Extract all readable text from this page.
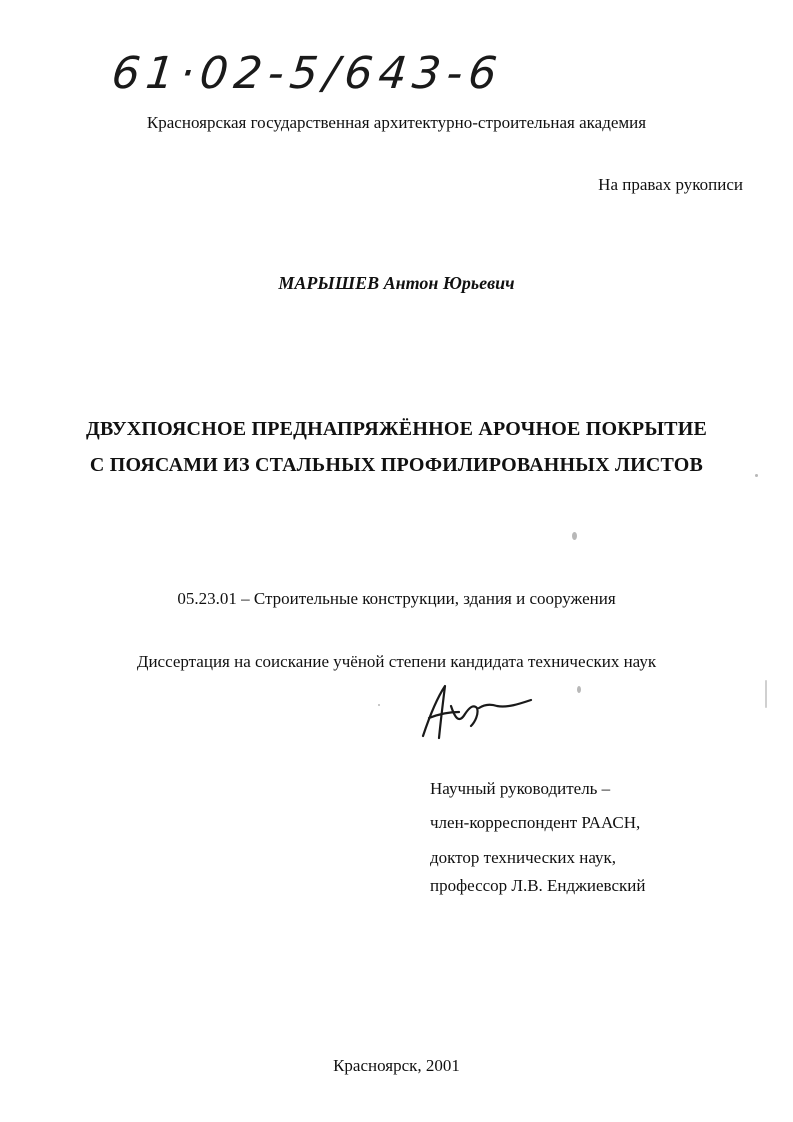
61·02-5/643-6
Красноярская государственная архитектурно-строительная академия
На правах рукописи
МАРЫШЕВ Антон Юрьевич
ДВУХПОЯСНОЕ ПРЕДНАПРЯЖЁННОЕ АРОЧНОЕ ПОКРЫТИЕ
С ПОЯСАМИ ИЗ СТАЛЬНЫХ ПРОФИЛИРОВАННЫХ ЛИСТОВ
05.23.01 – Строительные конструкции, здания и сооружения
Диссертация на соискание учёной степени кандидата технических наук
Научный руководитель –
член-корреспондент РААСН,
доктор технических наук,
профессор Л.В. Енджиевский
Красноярск, 2001
